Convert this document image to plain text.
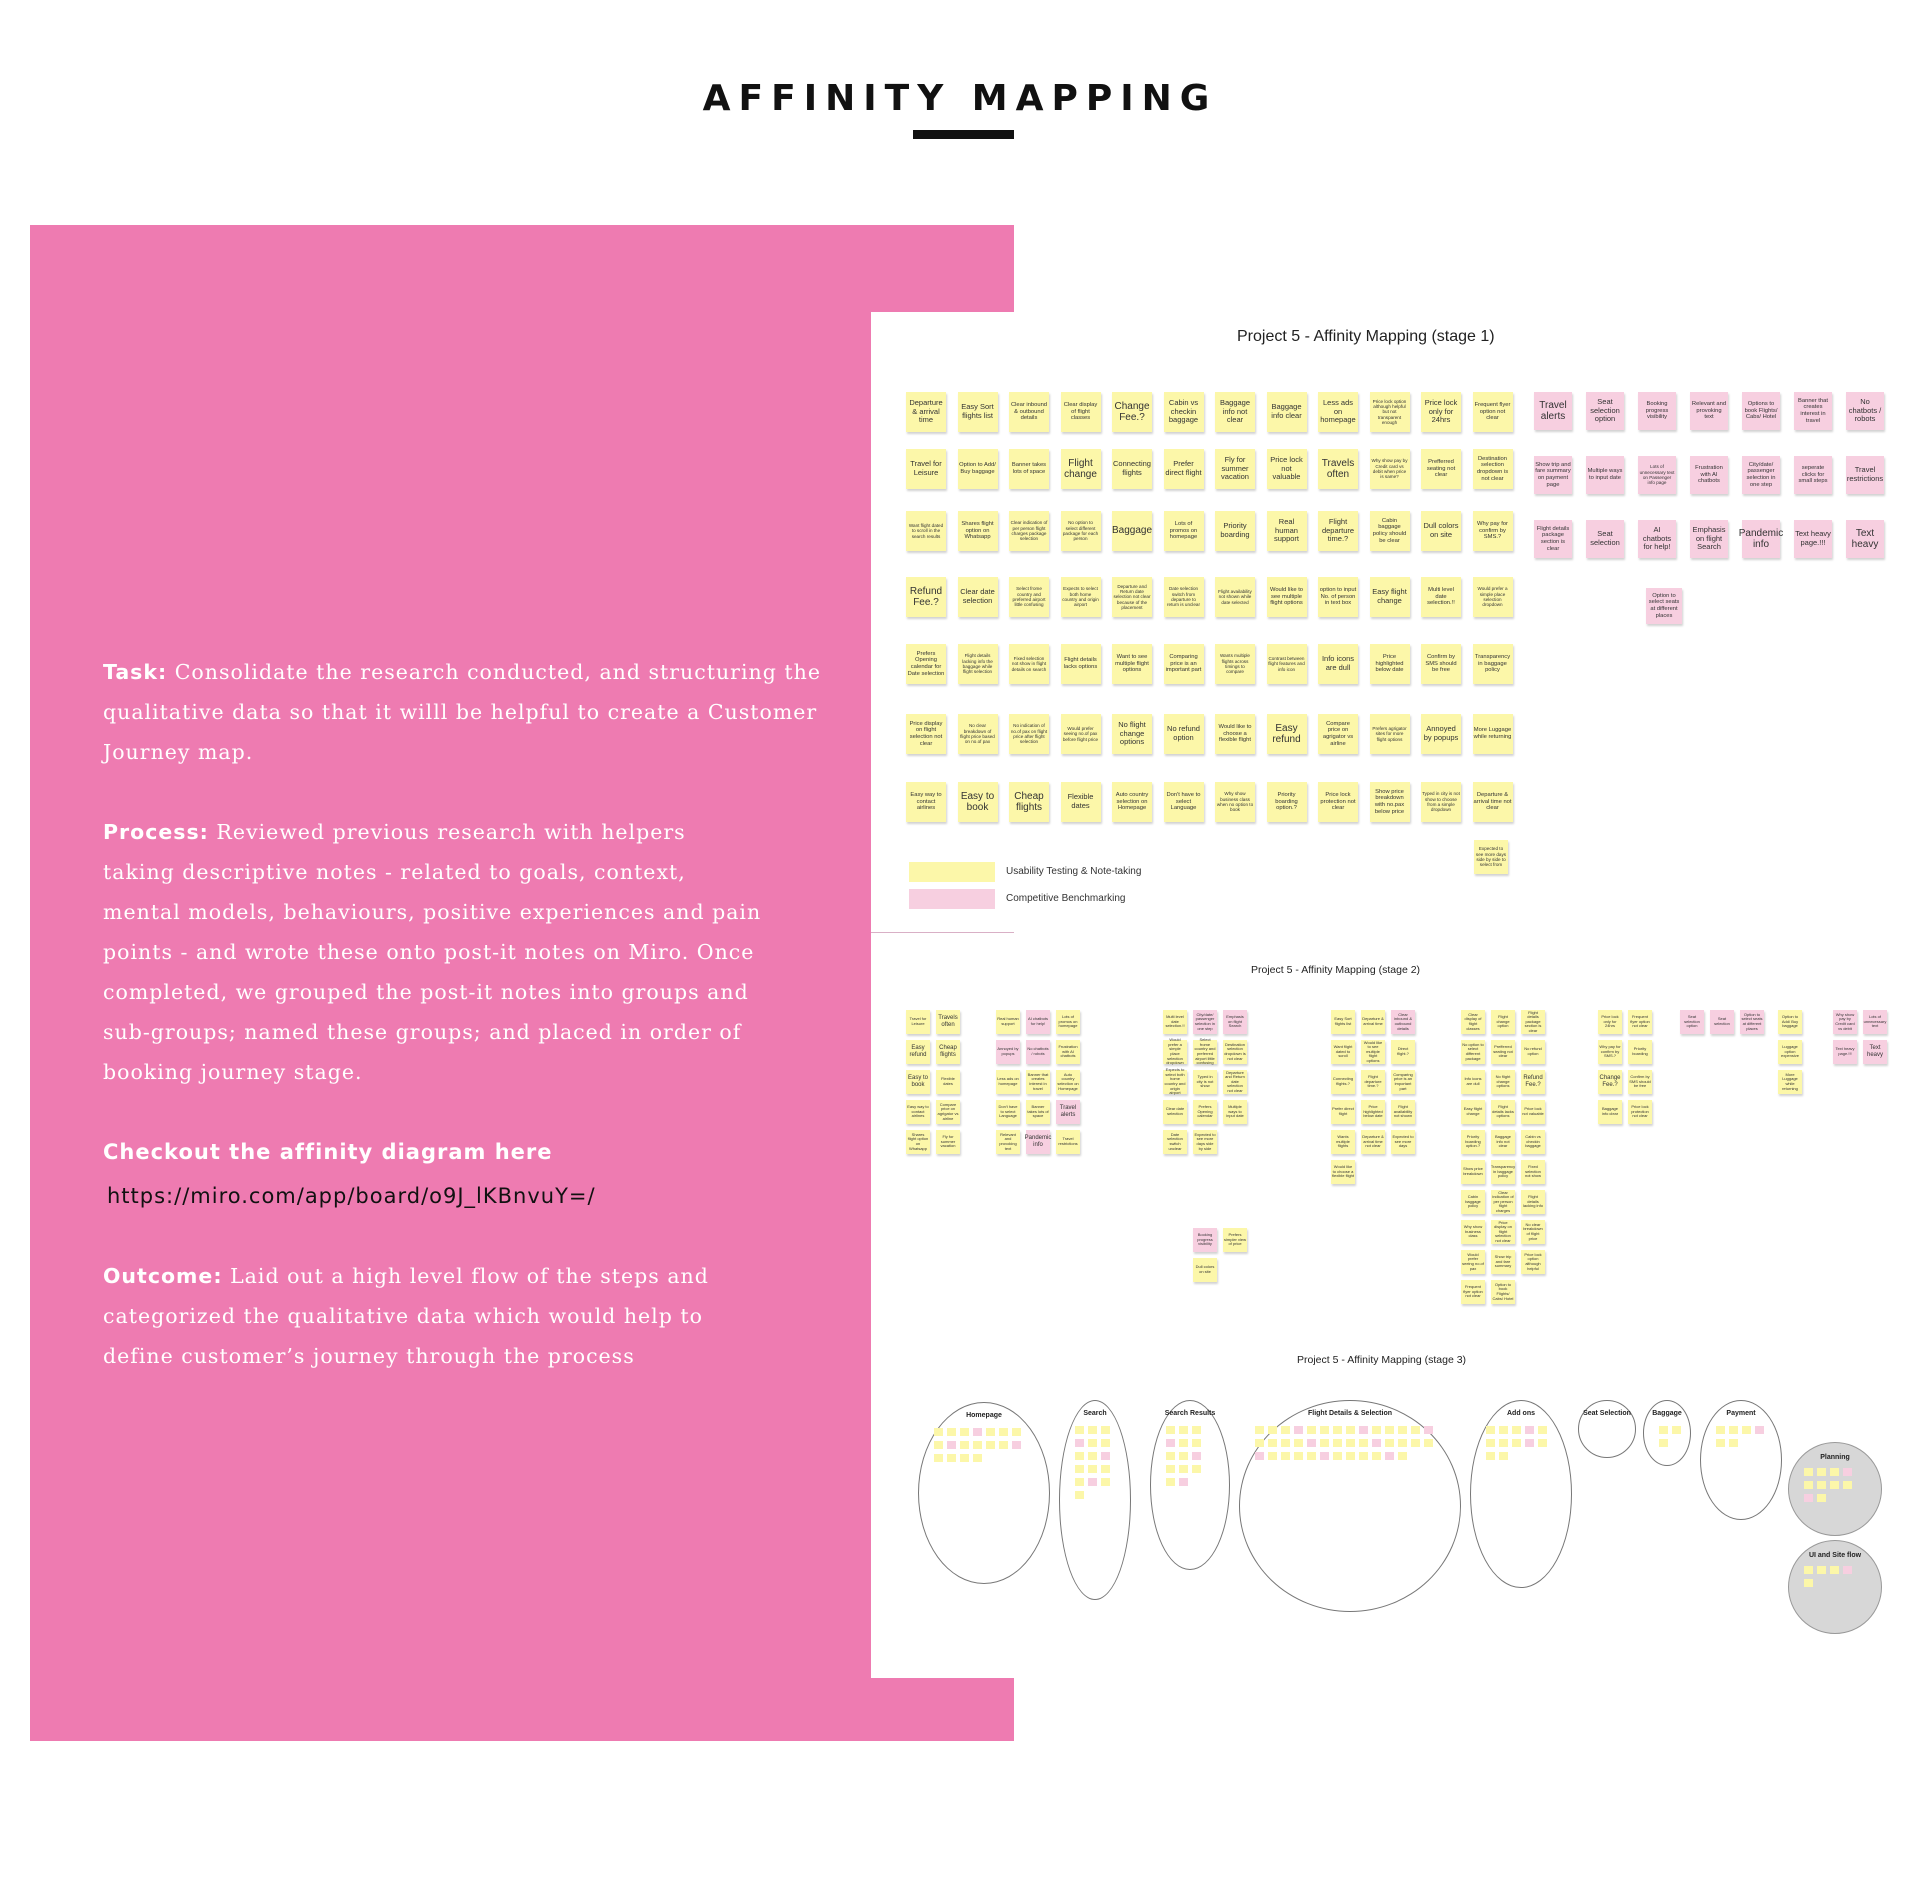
AFFINITY MAPPING

Task: Consolidate the research conducted, and structuring the qualitative data so that it willl be helpful to create a Customer Journey map.

Process: Reviewed previous research with helpers taking descriptive notes - related to goals, context, mental models, behaviours, positive experiences and pain points - and wrote these onto post-it notes on Miro. Once completed, we grouped the post-it notes into groups and sub-groups; named these groups; and placed in order of booking journey stage.

Checkout the affinity diagram here

https://miro.com/app/board/o9J_lKBnvuY=/

Outcome: Laid out a high level flow of the steps and categorized the qualitative data which would help to define customer’s journey through the process

Project 5 - Affinity Mapping (stage 1)
Project 5 - Affinity Mapping (stage 2)
Project 5 - Affinity Mapping (stage 3)
Usability Testing & Note-taking
Competitive Benchmarking
Departure & arrival time
Easy Sort flights list
Clear inbound & outbound details
Clear display of flight classes
Change Fee.?
Cabin vs checkin baggage
Baggage info not clear
Baggage info clear
Less ads on homepage
Price lock option although helpful but not transparent enough
Price lock only for 24hrs
Frequent flyer option not clear
Travel for Leisure
Option to Add/ Buy baggage
Banner takes lots of space
Flight change
Connecting flights
Prefer direct flight
Fly for summer vacation
Price lock not valuable
Travels often
Why show pay by Credit card vs debit when price is same?
Prefferred seating not clear
Destination selection dropdown is not clear
Want flight dated to scroll in the search results
Shares flight option on Whatsapp
Clear indication of per person flight charges package selection
No option to select different package for each person
Baggage
Lots of promos on homepage
Priority boarding
Real human support
Flight departure time.?
Cabin baggage policy should be clear
Dull colors on site
Why pay for confirm by SMS.?
Refund Fee.?
Clear date selection
Select frome country and preferred airport little confusing
Expects to select both home country and origin airport
Departure and Return date selection not clear because of the placement
Date selection switch from departure to return is unclear
Flight availability not shown while date selected
Would like to see multiple flight options
option to input No. of person in text box
Easy flight change
Multi level date selection.!!
Would prefer a simple place selection dropdown
Prefers Opening calendar for Date selection
Flight details lacking info the baggage while flight selection
Fixed selection not show in flight details on search
Flight details lacks options
Want to see multiple flight options
Comparing price is an important part
Wants multiple flights across timings to compare
Contrast between flight features and info icon
Info icons are dull
Price highlighted below date
Confirm by SMS should be free
Transparency in baggage policy
Price display on flight selection not clear
No clear breakdown of flight price based on no.of pax
No indication of no.of pax on flight price after flight selection
Would prefer seeing no.of pax before flight price
No flight change options
No refund option
Would like to choose a flexible flight
Easy refund
Compare price on agrigator vs airline
Prefers agrigator sites for more flight options
Annoyed by popups
More Luggage while returning
Easy way to contact airlines
Easy to book
Cheap flights
Flexible dates
Auto country selection on Homepage
Don't have to select Language
Why show business class when no option to book
Priority boarding option.?
Price lock protection not clear
Show price breakdown with no.pax below price
Typed in city is not show to choose from a simple dropdown
Departure & arrival time not clear
Expected to see more days side by side to select from
Travel alerts
Seat selection option
Booking progress visibility
Relevant and provoking text
Options to book Flights/ Cabs/ Hotel
Banner that creates interest in travel
No chatbots / robots
Show trip and fare summary on payment page
Multiple ways to input date
Lots of unnecessary text on Passenger info page
Frustration with AI chatbots
City/date/ passenger selection in one step
seperate clicks for small steps
Travel restrictions
Flight details package section is clear
Seat selection
AI chatbots for help!
Emphasis on flight Search
Pandemic info
Text heavy page.!!!
Text heavy
Option to select seats at different places
Travel for Leisure
Travels often
Easy refund
Cheap flights
Easy to book
Flexible dates
Easy way to contact airlines
Compare price on agrigator vs airline
Shares flight option on Whatsapp
Fly for summer vacation
Real human support
AI chatbots for help!
Lots of promos on homepage
Annoyed by popups
No chatbots / robots
Frustration with AI chatbots
Less ads on homepage
Banner that creates interest in travel
Auto country selection on Homepage
Don't have to select Language
Banner takes lots of space
Travel alerts
Relevant and provoking text
Pandemic info
Travel restrictions
Multi level date selection.!!
City/date/ passenger selection in one step
Emphasis on flight Search
Would prefer a simple place selection dropdown
Select frome country and preferred airport little confusing
Destination selection dropdown is not clear
Expects to select both home country and origin airport
Typed in city is not show
Departure and Return date selection not clear
Clear date selection
Prefers Opening calendar
Multiple ways to input date
Date selection switch unclear
Expected to see more days side by side
Easy Sort flights list
Departure & arrival time
Clear inbound & outbound details
Want flight dated to scroll
Would like to see multiple flight options
Direct flight.?
Connecting flights.?
Flight departure time.?
Comparing price is an important part
Prefer direct flight
Price highlighted below date
Flight availability not shown
Wants multiple flights
Departure & arrival time not clear
Expected to see more days
Would like to choose a flexible flight
Clear display of flight classes
Flight change option
Flight details package section is clear
No option to select different package
Prefferred seating not clear
No refund option
Info icons are dull
No flight change options
Refund Fee.?
Easy flight change
Flight details lacks options
Price lock not valuable
Priority boarding option.?
Baggage info not clear
Cabin vs checkin baggage
Show price breakdown
Transparency in baggage policy
Fixed selection not show
Cabin baggage policy
Clear indication of per person flight charges
Flight details lacking info
Why show business class
Price display on flight selection not clear
No clear breakdown of flight price
Would prefer seeing no.of pax
Show trip and fare summary
Price lock option although helpful
Frequent flyer option not clear
Option to book Flights/ Cabs/ Hotel
Price lock only for 24hrs
Frequent flyer option not clear
Why pay for confirm by SMS.?
Priority boarding
Change Fee.?
Confirm by SMS should be free
Baggage info clear
Price lock protection not clear
Seat selection option
Seat selection
Option to select seats at different places
Option to Add/ Buy baggage
Luggage option expensive
More Luggage while returning
Why show pay by Credit card vs debit
Lots of unnecessary text
Text heavy page.!!!
Text heavy
Booking progress visibility
Prefers simpler view of price
Dull colors on site
Homepage	Search	Search Results	Flight Details & Selection	Add ons	Seat Selection	Baggage	Payment
Planning
UI and Site flow
